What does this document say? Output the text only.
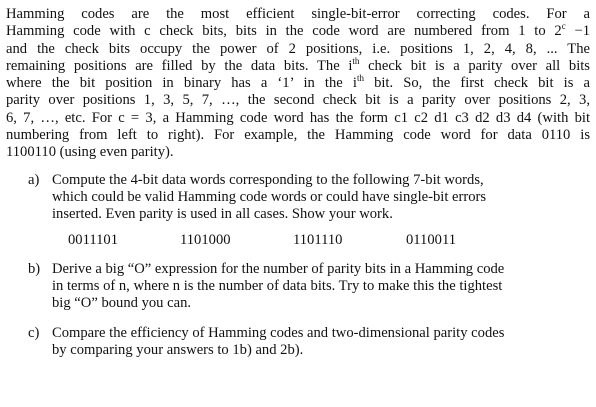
Hamming codes are the most efficient single-bit-error correcting codes. For a
Hamming code with c check bits, bits in the code word are numbered from 1 to $2^c -1$
and the check bits occupy the power of 2 positions, i.e. positions 1, 2, 4, 8, ... The
remaining positions are filled by the data bits. The $i^{th}$ check bit is a parity over all bits
where the bit position in binary has a ‘1’ in the $i^{th}$ bit. So, the first check bit is a
parity over positions 1, 3, 5, 7, …, the second check bit is a parity over positions 2, 3,
6, 7, …, etc. For c = 3, a Hamming code word has the form c1 c2 d1 c3 d2 d3 d4 (with bit
numbering from left to right). For example, the Hamming code word for data 0110 is
1100110 (using even parity).
a) Compute the 4-bit data words corresponding to the following 7-bit words,
which could be valid Hamming code words or could have single-bit errors
inserted. Even parity is used in all cases. Show your work.
0011101	1101000	1101110	0110011
b) Derive a big “O” expression for the number of parity bits in a Hamming code
in terms of n, where n is the number of data bits. Try to make this the tightest
big “O” bound you can.
c) Compare the efficiency of Hamming codes and two-dimensional parity codes
by comparing your answers to 1b) and 2b).
